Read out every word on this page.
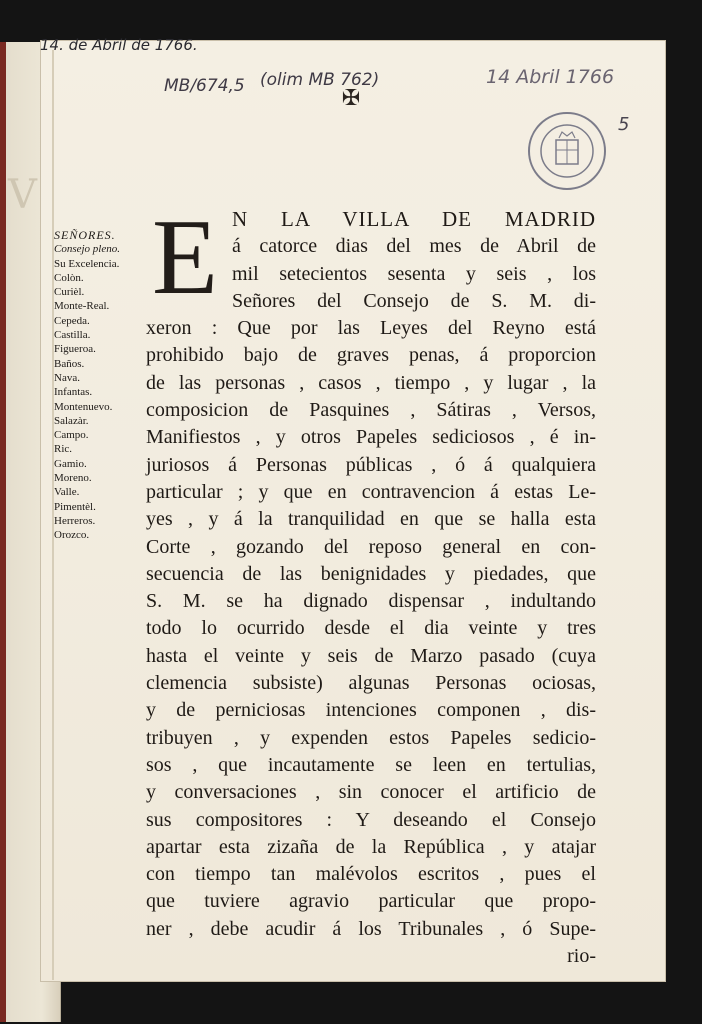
V
14. de Abril de 1766.
MB/674,5 (olim MB 762)	14 Abril 1766
5
✠
SEÑORES.
Consejo pleno.
Su Excelencia.
Colòn.
Curièl.
Monte-Real.
Cepeda.
Castilla.
Figueroa.
Baños.
Nava.
Infantas.
Montenuevo.
Salazàr.
Campo.
Ric.
Gamio.
Moreno.
Valle.
Pimentèl.
Herreros.
Orozco.
E N LA VILLA DE MADRID
á catorce dias del mes de Abril de
mil setecientos sesenta y seis , los
Señores del Consejo de S. M. di-
xeron : Que por las Leyes del Reyno está
prohibido bajo de graves penas, á proporcion
de las personas , casos , tiempo , y lugar , la
composicion de Pasquines , Sátiras , Versos,
Manifiestos , y otros Papeles sediciosos , é in-
juriosos á Personas públicas , ó á qualquiera
particular ; y que en contravencion á estas Le-
yes , y á la tranquilidad en que se halla esta
Corte , gozando del reposo general en con-
secuencia de las benignidades y piedades, que
S. M. se ha dignado dispensar , indultando
todo lo ocurrido desde el dia veinte y tres
hasta el veinte y seis de Marzo pasado (cuya
clemencia subsiste) algunas Personas ociosas,
y de perniciosas intenciones componen , dis-
tribuyen , y expenden estos Papeles sedicio-
sos , que incautamente se leen en tertulias,
y conversaciones , sin conocer el artificio de
sus compositores : Y deseando el Consejo
apartar esta zizaña de la República , y atajar
con tiempo tan malévolos escritos , pues el
que tuviere agravio particular que propo-
ner , debe acudir á los Tribunales , ó Supe-
rio-
